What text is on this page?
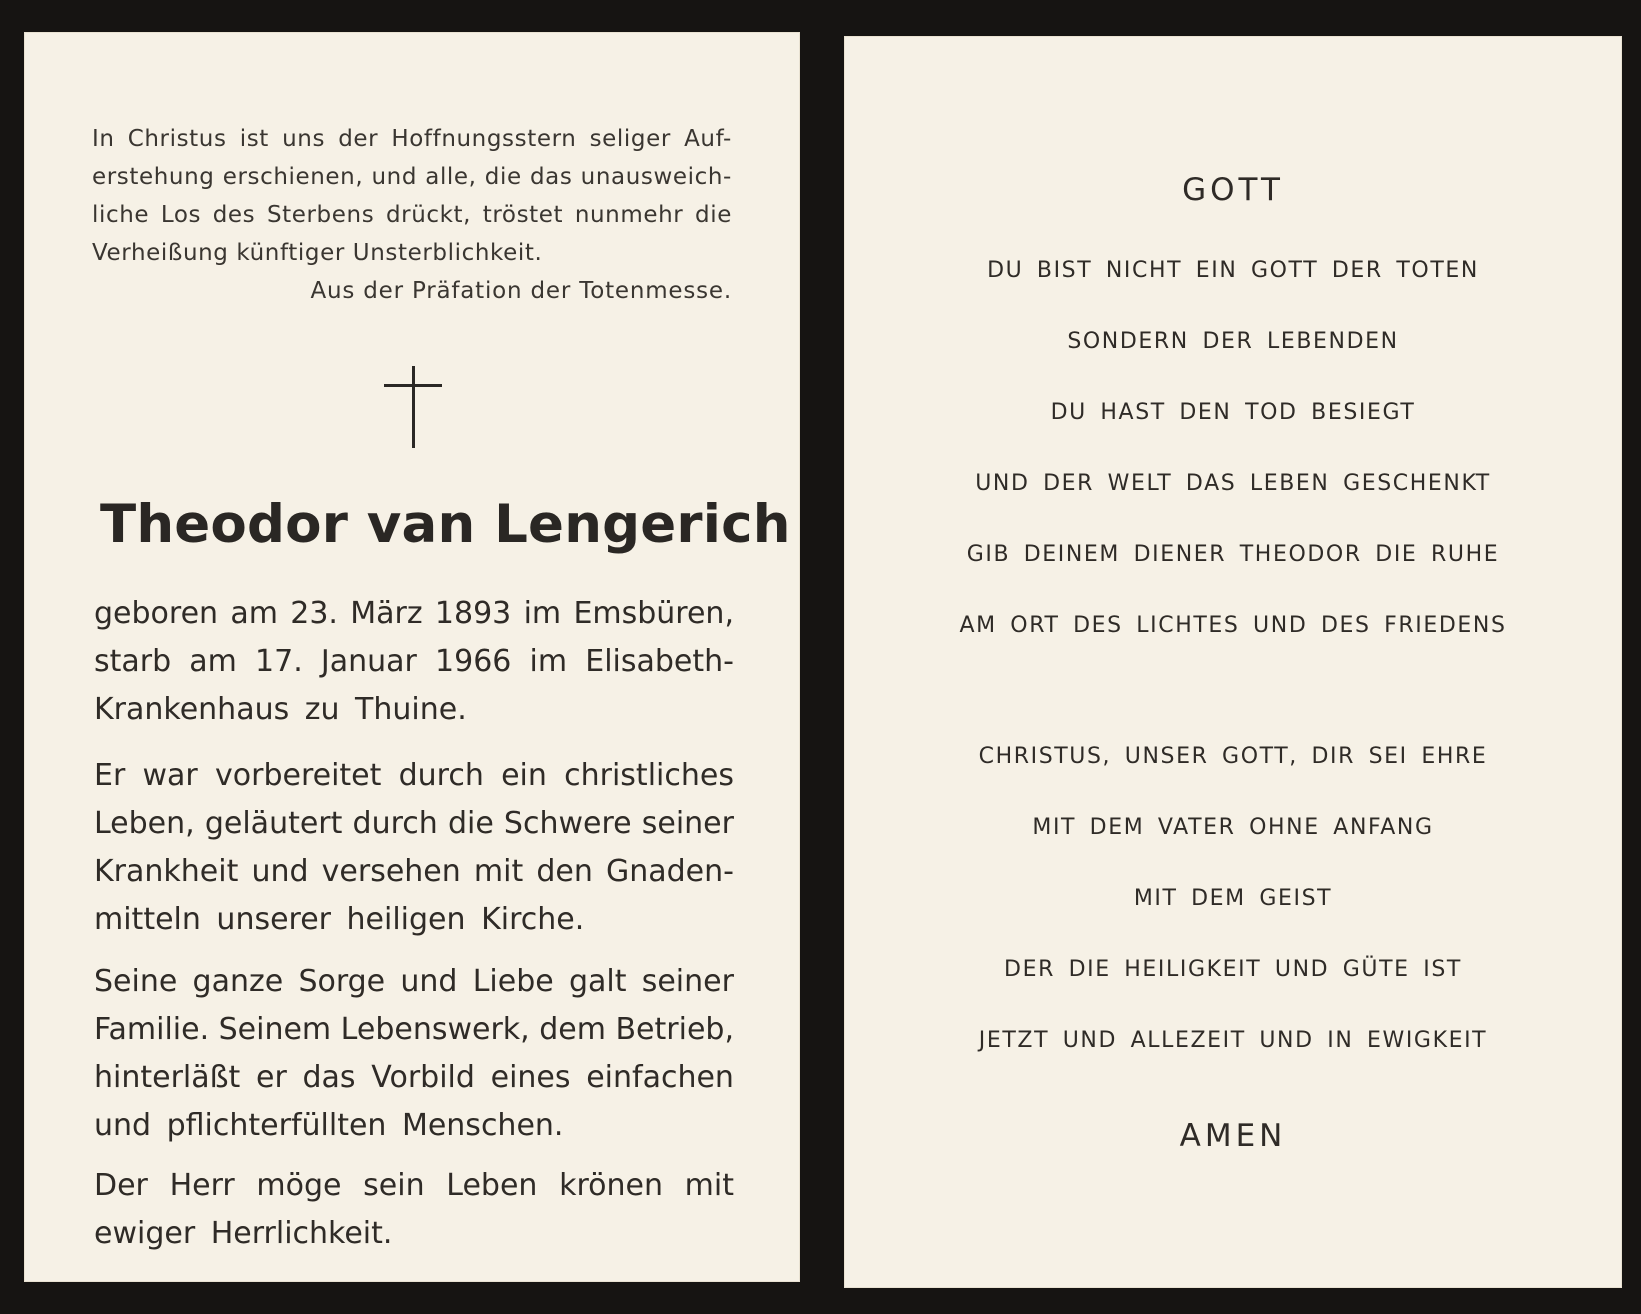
In Christus ist uns der Hoffnungsstern seliger Auf-
erstehung erschienen, und alle, die das unausweich-
liche Los des Sterbens drückt, tröstet nunmehr die
Verheißung künftiger Unsterblichkeit.
Aus der Präfation der Totenmesse.
Theodor van Lengerich
geboren am 23. März 1893 im Emsbüren,
starb am 17. Januar 1966 im Elisabeth-
Krankenhaus zu Thuine.
Er war vorbereitet durch ein christliches
Leben, geläutert durch die Schwere seiner
Krankheit und versehen mit den Gnaden-
mitteln unserer heiligen Kirche.
Seine ganze Sorge und Liebe galt seiner
Familie. Seinem Lebenswerk, dem Betrieb,
hinterläßt er das Vorbild eines einfachen
und pflichterfüllten Menschen.
Der Herr möge sein Leben krönen mit
ewiger Herrlichkeit.
GOTT
DU BIST NICHT EIN GOTT DER TOTEN
SONDERN DER LEBENDEN
DU HAST DEN TOD BESIEGT
UND DER WELT DAS LEBEN GESCHENKT
GIB DEINEM DIENER THEODOR DIE RUHE
AM ORT DES LICHTES UND DES FRIEDENS
CHRISTUS, UNSER GOTT, DIR SEI EHRE
MIT DEM VATER OHNE ANFANG
MIT DEM GEIST
DER DIE HEILIGKEIT UND GÜTE IST
JETZT UND ALLEZEIT UND IN EWIGKEIT
AMEN
